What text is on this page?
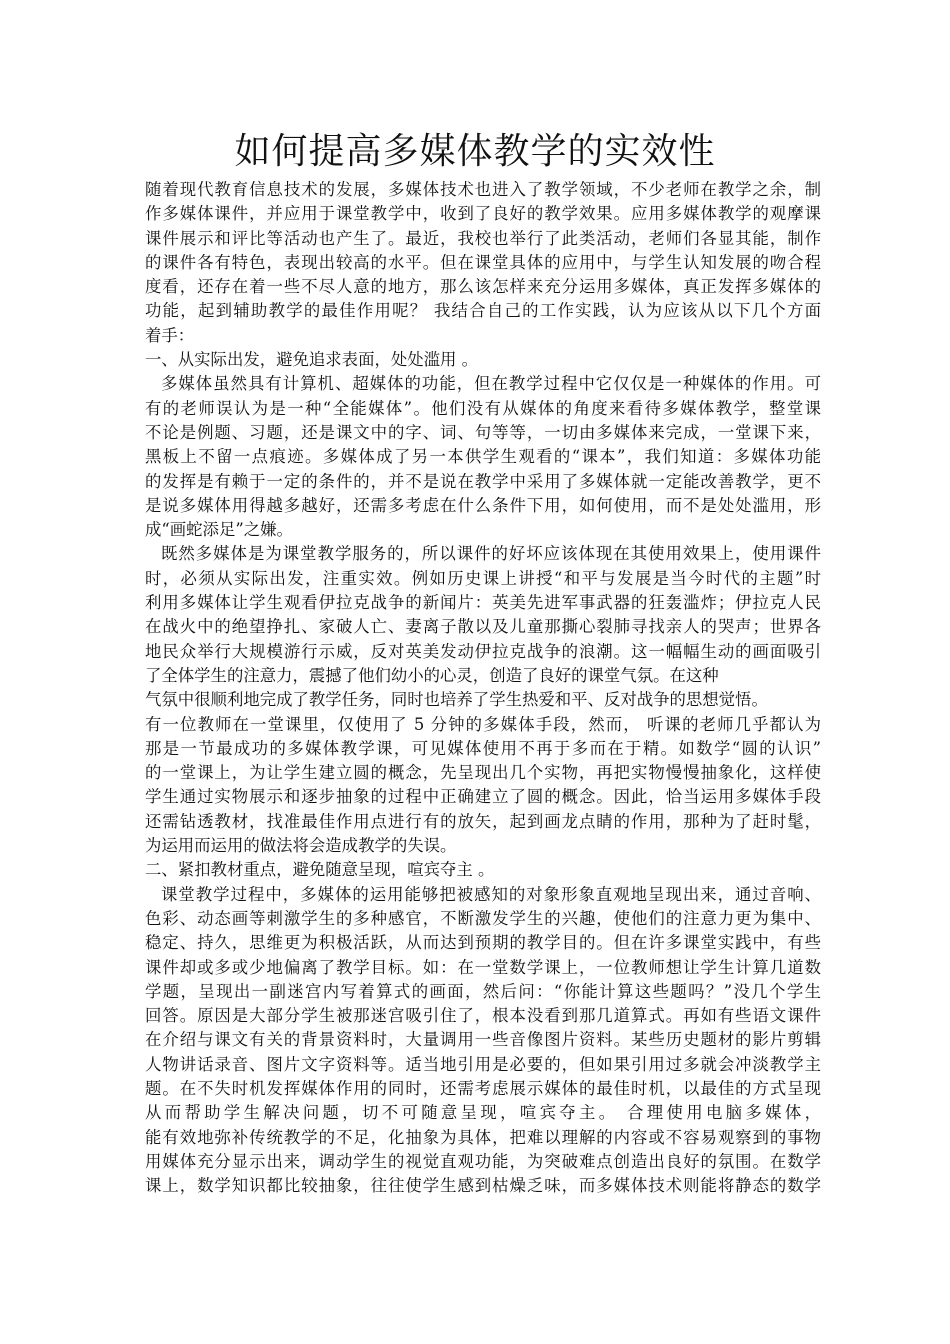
如何提高多媒体教学的实效性
随着现代教育信息技术的发展，多媒体技术也进入了教学领域，不少老师在教学之余，制
作多媒体课件，并应用于课堂教学中，收到了良好的教学效果。应用多媒体教学的观摩课
课件展示和评比等活动也产生了。最近，我校也举行了此类活动，老师们各显其能，制作
的课件各有特色，表现出较高的水平。但在课堂具体的应用中，与学生认知发展的吻合程
度看，还存在着一些不尽人意的地方，那么该怎样来充分运用多媒体，真正发挥多媒体的
功能，起到辅助教学的最佳作用呢？ 我结合自己的工作实践，认为应该从以下几个方面
着手：
一、从实际出发，避免追求表面，处处滥用 。
多媒体虽然具有计算机、超媒体的功能，但在教学过程中它仅仅是一种媒体的作用。可
有的老师误认为是一种“全能媒体”。他们没有从媒体的角度来看待多媒体教学，整堂课
不论是例题、习题，还是课文中的字、词、句等等，一切由多媒体来完成，一堂课下来，
黑板上不留一点痕迹。多媒体成了另一本供学生观看的“课本”，我们知道：多媒体功能
的发挥是有赖于一定的条件的，并不是说在教学中采用了多媒体就一定能改善教学，更不
是说多媒体用得越多越好，还需多考虑在什么条件下用，如何使用，而不是处处滥用，形
成“画蛇添足”之嫌。
既然多媒体是为课堂教学服务的，所以课件的好坏应该体现在其使用效果上，使用课件
时，必须从实际出发，注重实效。例如历史课上讲授“和平与发展是当今时代的主题”时
利用多媒体让学生观看伊拉克战争的新闻片：英美先进军事武器的狂轰滥炸；伊拉克人民
在战火中的绝望挣扎、家破人亡、妻离子散以及儿童那撕心裂肺寻找亲人的哭声；世界各
地民众举行大规模游行示威，反对英美发动伊拉克战争的浪潮。这一幅幅生动的画面吸引
了全体学生的注意力，震撼了他们幼小的心灵，创造了良好的课堂气氛。在这种
气氛中很顺利地完成了教学任务，同时也培养了学生热爱和平、反对战争的思想觉悟。
有一位教师在一堂课里，仅使用了 5 分钟的多媒体手段，然而， 听课的老师几乎都认为
那是一节最成功的多媒体教学课，可见媒体使用不再于多而在于精。如数学“圆的认识”
的一堂课上，为让学生建立圆的概念，先呈现出几个实物，再把实物慢慢抽象化，这样使
学生通过实物展示和逐步抽象的过程中正确建立了圆的概念。因此，恰当运用多媒体手段
还需钻透教材，找准最佳作用点进行有的放矢，起到画龙点睛的作用，那种为了赶时髦，
为运用而运用的做法将会造成教学的失误。
二、紧扣教材重点，避免随意呈现，喧宾夺主 。
课堂教学过程中，多媒体的运用能够把被感知的对象形象直观地呈现出来，通过音响、
色彩、动态画等刺激学生的多种感官，不断激发学生的兴趣，使他们的注意力更为集中、
稳定、持久，思维更为积极活跃，从而达到预期的教学目的。但在许多课堂实践中，有些
课件却或多或少地偏离了教学目标。如：在一堂数学课上，一位教师想让学生计算几道数
学题，呈现出一副迷宫内写着算式的画面，然后问：“你能计算这些题吗？”没几个学生
回答。原因是大部分学生被那迷宫吸引住了，根本没看到那几道算式。再如有些语文课件
在介绍与课文有关的背景资料时，大量调用一些音像图片资料。某些历史题材的影片剪辑
人物讲话录音、图片文字资料等。适当地引用是必要的，但如果引用过多就会冲淡教学主
题。在不失时机发挥媒体作用的同时，还需考虑展示媒体的最佳时机，以最佳的方式呈现
从而帮助学生解决问题，切不可随意呈现，喧宾夺主。 合理使用电脑多媒体，
能有效地弥补传统教学的不足，化抽象为具体，把难以理解的内容或不容易观察到的事物
用媒体充分显示出来，调动学生的视觉直观功能，为突破难点创造出良好的氛围。在数学
课上，数学知识都比较抽象，往往使学生感到枯燥乏味，而多媒体技术则能将静态的数学
